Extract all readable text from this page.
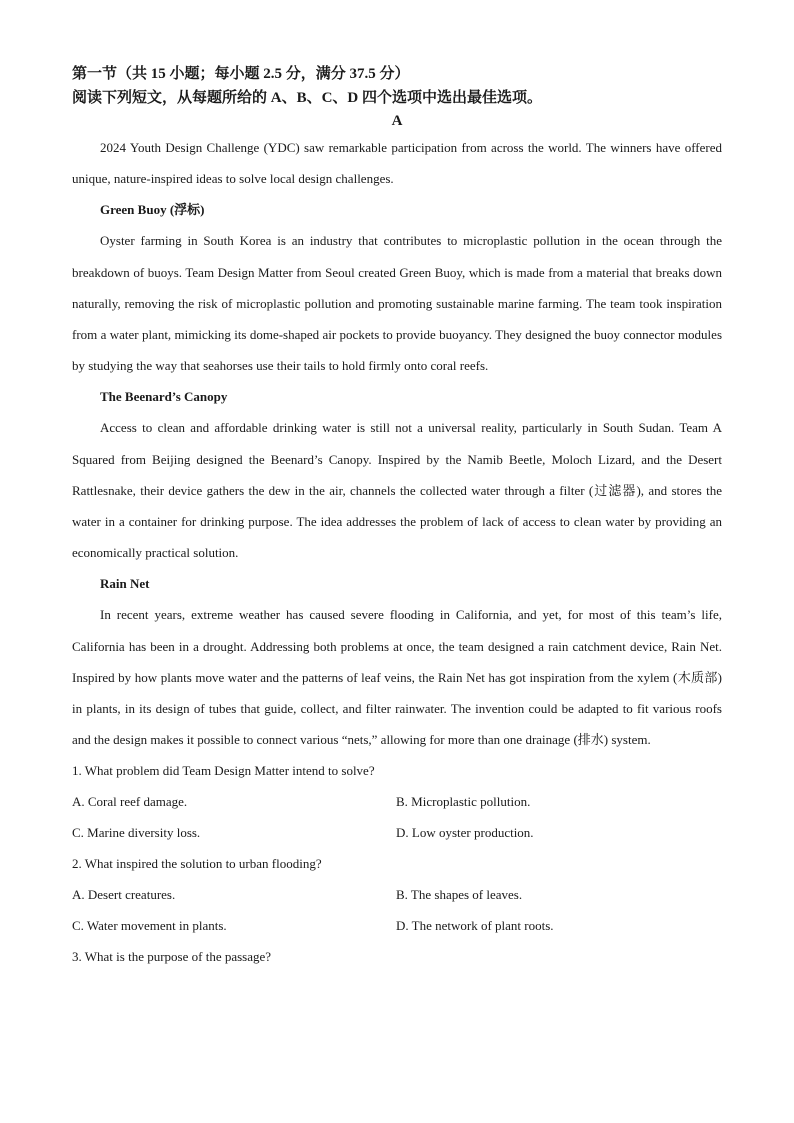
第一节（共 15 小题；每小题 2.5 分，满分 37.5 分）

阅读下列短文，从每题所给的 A、B、C、D 四个选项中选出最佳选项。

A

2024 Youth Design Challenge (YDC) saw remarkable participation from across the world. The winners have offered unique, nature-inspired ideas to solve local design challenges.

Green Buoy (浮标)

Oyster farming in South Korea is an industry that contributes to microplastic pollution in the ocean through the breakdown of buoys. Team Design Matter from Seoul created Green Buoy, which is made from a material that breaks down naturally, removing the risk of microplastic pollution and promoting sustainable marine farming. The team took inspiration from a water plant, mimicking its dome-shaped air pockets to provide buoyancy. They designed the buoy connector modules by studying the way that seahorses use their tails to hold firmly onto coral reefs.

The Beenard’s Canopy

Access to clean and affordable drinking water is still not a universal reality, particularly in South Sudan. Team A Squared from Beijing designed the Beenard’s Canopy. Inspired by the Namib Beetle, Moloch Lizard, and the Desert Rattlesnake, their device gathers the dew in the air, channels the collected water through a filter (过滤器), and stores the water in a container for drinking purpose. The idea addresses the problem of lack of access to clean water by providing an economically practical solution.

Rain Net

In recent years, extreme weather has caused severe flooding in California, and yet, for most of this team’s life, California has been in a drought. Addressing both problems at once, the team designed a rain catchment device, Rain Net. Inspired by how plants move water and the patterns of leaf veins, the Rain Net has got inspiration from the xylem (木质部) in plants, in its design of tubes that guide, collect, and filter rainwater. The invention could be adapted to fit various roofs and the design makes it possible to connect various “nets,” allowing for more than one drainage (排水) system.

1. What problem did Team Design Matter intend to solve?

A. Coral reef damage.	B. Microplastic pollution.

C. Marine diversity loss.	D. Low oyster production.

2. What inspired the solution to urban flooding?

A. Desert creatures.	B. The shapes of leaves.

C. Water movement in plants.	D. The network of plant roots.

3. What is the purpose of the passage?
